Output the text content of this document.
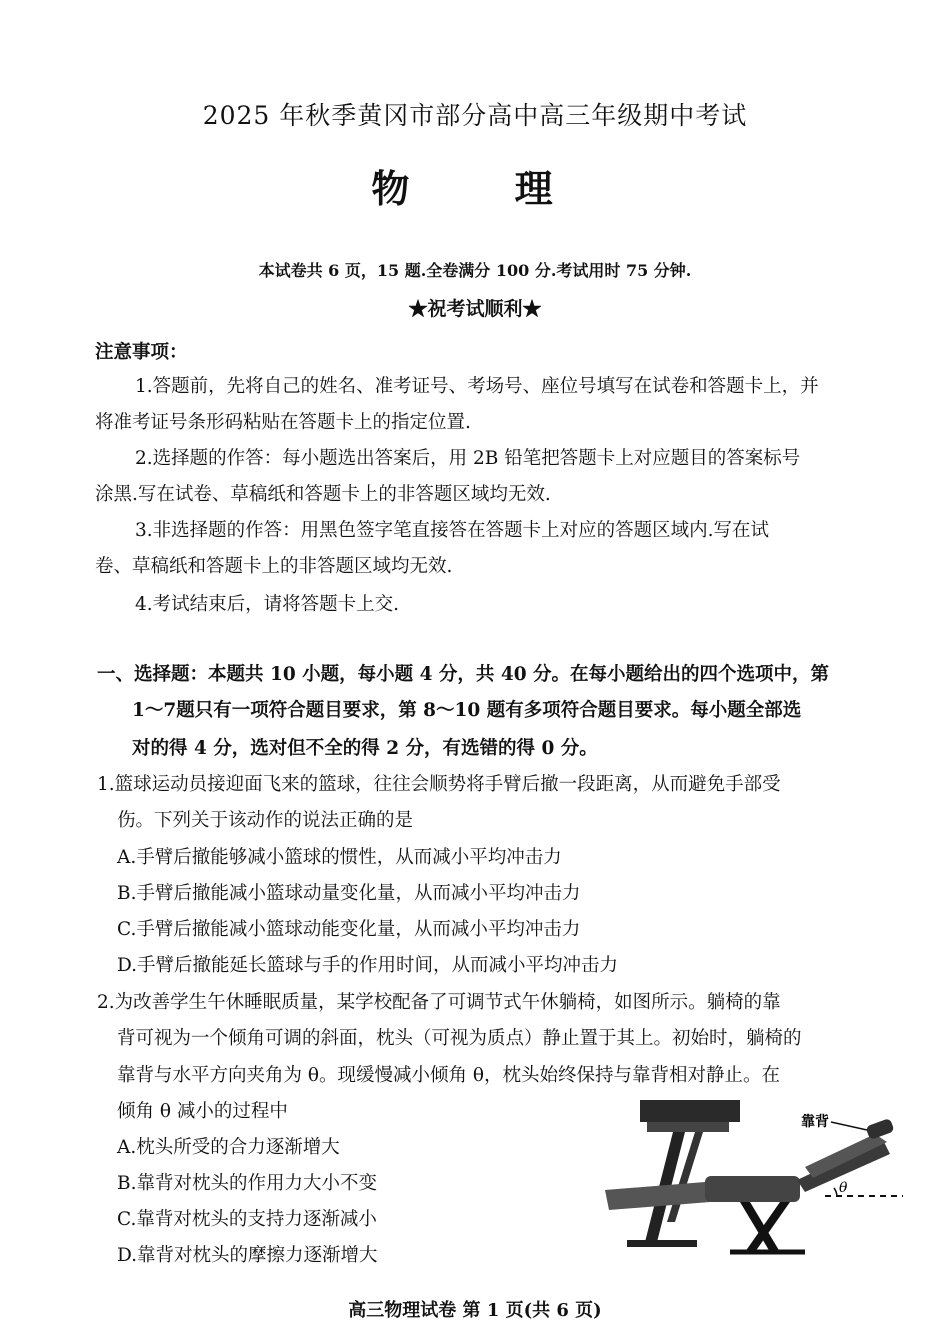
2025 年秋季黄冈市部分高中高三年级期中考试
物 理
本试卷共 6 页，15 题.全卷满分 100 分.考试用时 75 分钟.
★祝考试顺利★
注意事项：
1.答题前，先将自己的姓名、准考证号、考场号、座位号填写在试卷和答题卡上，并
将准考证号条形码粘贴在答题卡上的指定位置.
2.选择题的作答：每小题选出答案后，用 2B 铅笔把答题卡上对应题目的答案标号
涂黑.写在试卷、草稿纸和答题卡上的非答题区域均无效.
3.非选择题的作答：用黑色签字笔直接答在答题卡上对应的答题区域内.写在试
卷、草稿纸和答题卡上的非答题区域均无效.
4.考试结束后，请将答题卡上交.
一、选择题：本题共 10 小题，每小题 4 分，共 40 分。在每小题给出的四个选项中，第
1～7题只有一项符合题目要求，第 8～10 题有多项符合题目要求。每小题全部选
对的得 4 分，选对但不全的得 2 分，有选错的得 0 分。
1.篮球运动员接迎面飞来的篮球，往往会顺势将手臂后撤一段距离，从而避免手部受
伤。下列关于该动作的说法正确的是
A.手臂后撤能够减小篮球的惯性，从而减小平均冲击力
B.手臂后撤能减小篮球动量变化量，从而减小平均冲击力
C.手臂后撤能减小篮球动能变化量，从而减小平均冲击力
D.手臂后撤能延长篮球与手的作用时间，从而减小平均冲击力
2.为改善学生午休睡眠质量，某学校配备了可调节式午休躺椅，如图所示。躺椅的靠
背可视为一个倾角可调的斜面，枕头（可视为质点）静止置于其上。初始时，躺椅的
靠背与水平方向夹角为 θ。现缓慢减小倾角 θ，枕头始终保持与靠背相对静止。在
倾角 θ 减小的过程中
A.枕头所受的合力逐渐增大
B.靠背对枕头的作用力大小不变
C.靠背对枕头的支持力逐渐减小
D.靠背对枕头的摩擦力逐渐增大
θ
靠背
高三物理试卷 第 1 页(共 6 页)
